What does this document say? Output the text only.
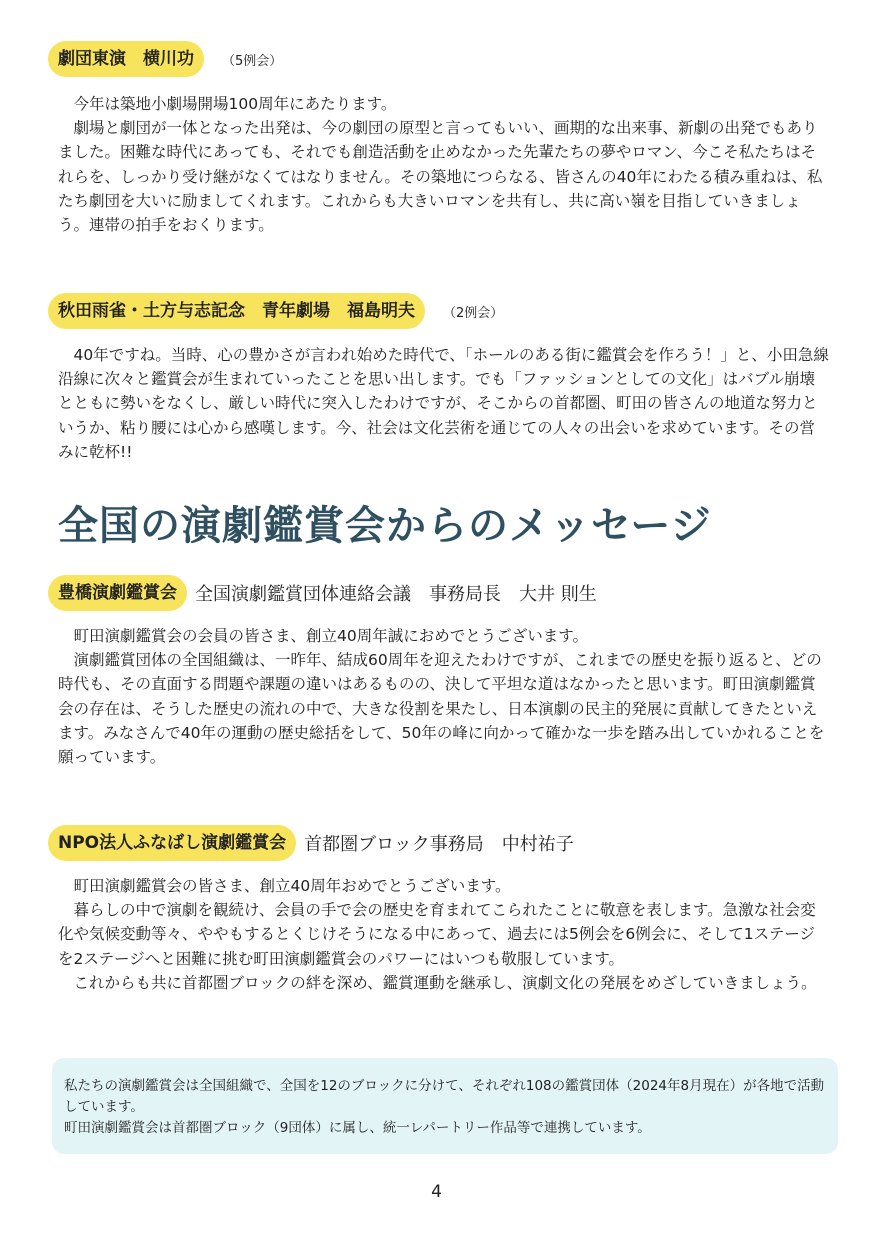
劇団東演　横川功	（5例会）

今年は築地小劇場開場100周年にあたります。

劇場と劇団が一体となった出発は、今の劇団の原型と言ってもいい、画期的な出来事、新劇の出発でもありました。困難な時代にあっても、それでも創造活動を止めなかった先輩たちの夢やロマン、今こそ私たちはそれらを、しっかり受け継がなくてはなりません。その築地につらなる、皆さんの40年にわたる積み重ねは、私たち劇団を大いに励ましてくれます。これからも大きいロマンを共有し、共に高い嶺を目指していきましょう。連帯の拍手をおくります。

秋田雨雀・土方与志記念　青年劇場　福島明夫	（2例会）

40年ですね。当時、心の豊かさが言われ始めた時代で、「ホールのある街に鑑賞会を作ろう！」と、小田急線沿線に次々と鑑賞会が生まれていったことを思い出します。でも「ファッションとしての文化」はバブル崩壊とともに勢いをなくし、厳しい時代に突入したわけですが、そこからの首都圏、町田の皆さんの地道な努力というか、粘り腰には心から感嘆します。今、社会は文化芸術を通じての人々の出会いを求めています。その営みに乾杯!!

全国の演劇鑑賞会からのメッセージ
豊橋演劇鑑賞会	全国演劇鑑賞団体連絡会議　事務局長　大井 則生

町田演劇鑑賞会の会員の皆さま、創立40周年誠におめでとうございます。

演劇鑑賞団体の全国組織は、一昨年、結成60周年を迎えたわけですが、これまでの歴史を振り返ると、どの時代も、その直面する問題や課題の違いはあるものの、決して平坦な道はなかったと思います。町田演劇鑑賞会の存在は、そうした歴史の流れの中で、大きな役割を果たし、日本演劇の民主的発展に貢献してきたといえます。みなさんで40年の運動の歴史総括をして、50年の峰に向かって確かな一歩を踏み出していかれることを願っています。

NPO法人ふなばし演劇鑑賞会	首都圏ブロック事務局　中村祐子

町田演劇鑑賞会の皆さま、創立40周年おめでとうございます。

暮らしの中で演劇を観続け、会員の手で会の歴史を育まれてこられたことに敬意を表します。急激な社会変化や気候変動等々、ややもするとくじけそうになる中にあって、過去には5例会を6例会に、そして1ステージを2ステージへと困難に挑む町田演劇鑑賞会のパワーにはいつも敬服しています。

これからも共に首都圏ブロックの絆を深め、鑑賞運動を継承し、演劇文化の発展をめざしていきましょう。

私たちの演劇鑑賞会は全国組織で、全国を12のブロックに分けて、それぞれ108の鑑賞団体（2024年8月現在）が各地で活動しています。

町田演劇鑑賞会は首都圏ブロック（9団体）に属し、統一レパートリー作品等で連携しています。

4
